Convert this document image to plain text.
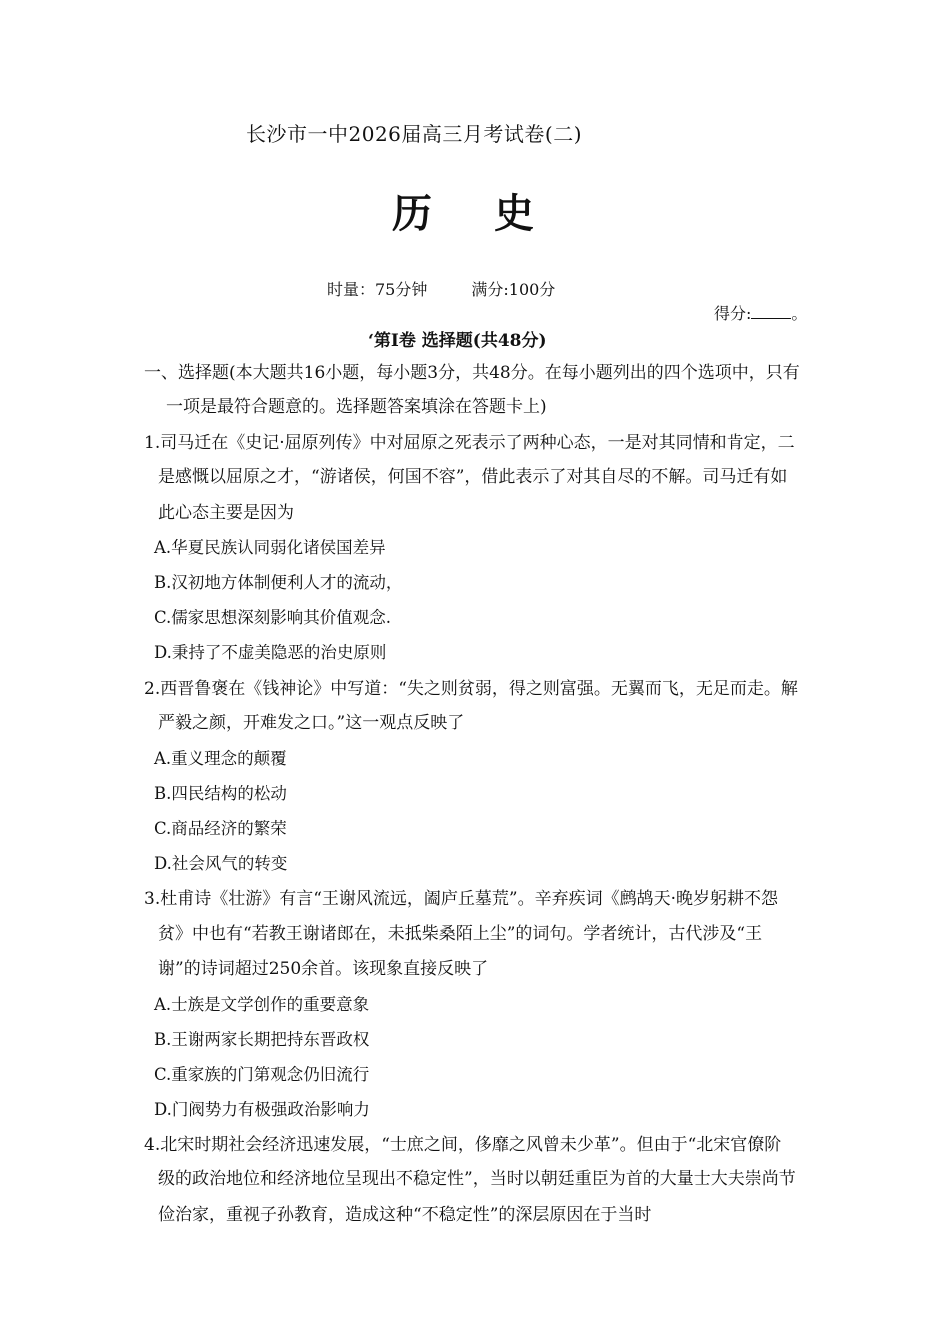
长沙市一中2026届高三月考试卷(二)
历 史
时量：75分钟	满分:100分
得分:	。
‘第Ⅰ卷 选择题(共48分)
一、选择题(本大题共16小题，每小题3分，共48分。在每小题列出的四个选项中，只有
一项是最符合题意的。选择题答案填涂在答题卡上)
1.司马迁在《史记·屈原列传》中对屈原之死表示了两种心态，一是对其同情和肯定，二
是感慨以屈原之才，“游诸侯，何国不容”，借此表示了对其自尽的不解。司马迁有如
此心态主要是因为
A.华夏民族认同弱化诸侯国差异
B.汉初地方体制便利人才的流动，
C.儒家思想深刻影响其价值观念.
D.秉持了不虚美隐恶的治史原则
2.西晋鲁褒在《钱神论》中写道：“失之则贫弱，得之则富强。无翼而飞，无足而走。解
严毅之颜，开难发之口。”这一观点反映了
A.重义理念的颠覆
B.四民结构的松动
C.商品经济的繁荣
D.社会风气的转变
3.杜甫诗《壮游》有言“王谢风流远，阖庐丘墓荒”。辛弃疾词《鹧鸪天·晚岁躬耕不怨
贫》中也有“若教王谢诸郎在，未抵柴桑陌上尘”的词句。学者统计，古代涉及“王
谢”的诗词超过250余首。该现象直接反映了
A.士族是文学创作的重要意象
B.王谢两家长期把持东晋政权
C.重家族的门第观念仍旧流行
D.门阀势力有极强政治影响力
4.北宋时期社会经济迅速发展，“士庶之间，侈靡之风曾未少革”。但由于“北宋官僚阶
级的政治地位和经济地位呈现出不稳定性”，当时以朝廷重臣为首的大量士大夫崇尚节
俭治家，重视子孙教育，造成这种“不稳定性”的深层原因在于当时
